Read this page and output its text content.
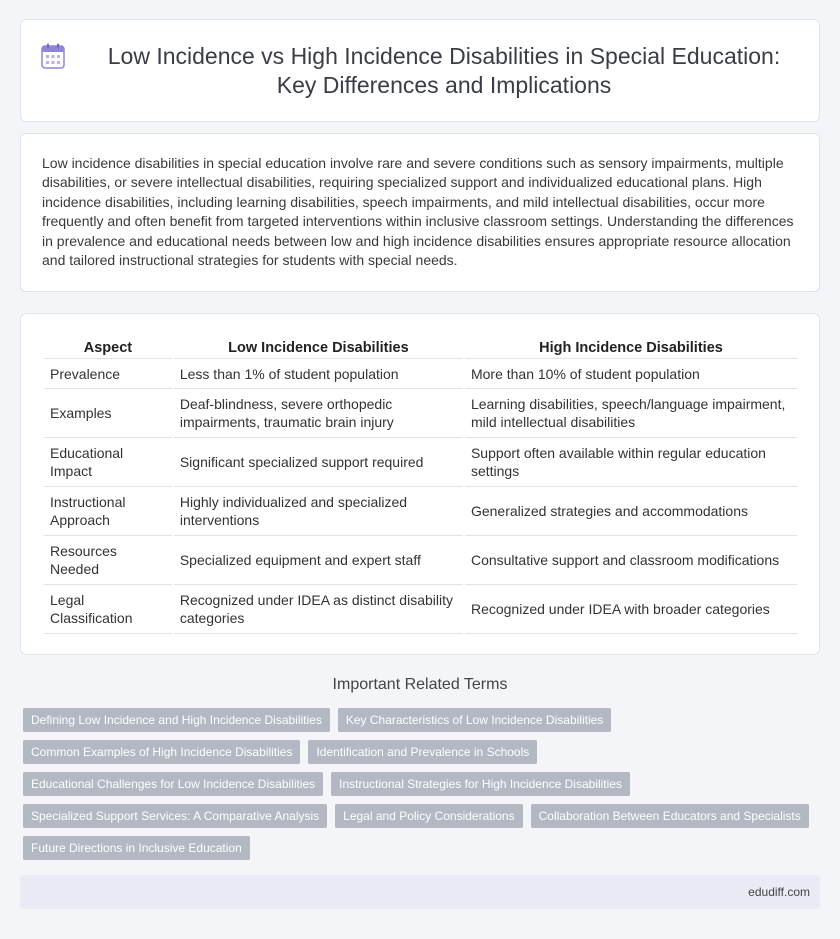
Low Incidence vs High Incidence Disabilities in Special Education: Key Differences and Implications

Low incidence disabilities in special education involve rare and severe conditions such as sensory impairments, multiple disabilities, or severe intellectual disabilities, requiring specialized support and individualized educational plans. High incidence disabilities, including learning disabilities, speech impairments, and mild intellectual disabilities, occur more frequently and often benefit from targeted interventions within inclusive classroom settings. Understanding the differences in prevalence and educational needs between low and high incidence disabilities ensures appropriate resource allocation and tailored instructional strategies for students with special needs.

Aspect	Low Incidence Disabilities	High Incidence Disabilities
Prevalence	Less than 1% of student population	More than 10% of student population
Examples	Deaf-blindness, severe orthopedic impairments, traumatic brain injury	Learning disabilities, speech/language impairment, mild intellectual disabilities
Educational Impact	Significant specialized support required	Support often available within regular education settings
Instructional Approach	Highly individualized and specialized interventions	Generalized strategies and accommodations
Resources Needed	Specialized equipment and expert staff	Consultative support and classroom modifications
Legal Classification	Recognized under IDEA as distinct disability categories	Recognized under IDEA with broader categories
Important Related Terms
Defining Low Incidence and High Incidence Disabilities	Key Characteristics of Low Incidence Disabilities
Common Examples of High Incidence Disabilities	Identification and Prevalence in Schools
Educational Challenges for Low Incidence Disabilities	Instructional Strategies for High Incidence Disabilities
Specialized Support Services: A Comparative Analysis	Legal and Policy Considerations	Collaboration Between Educators and Specialists
Future Directions in Inclusive Education
edudiff.com
